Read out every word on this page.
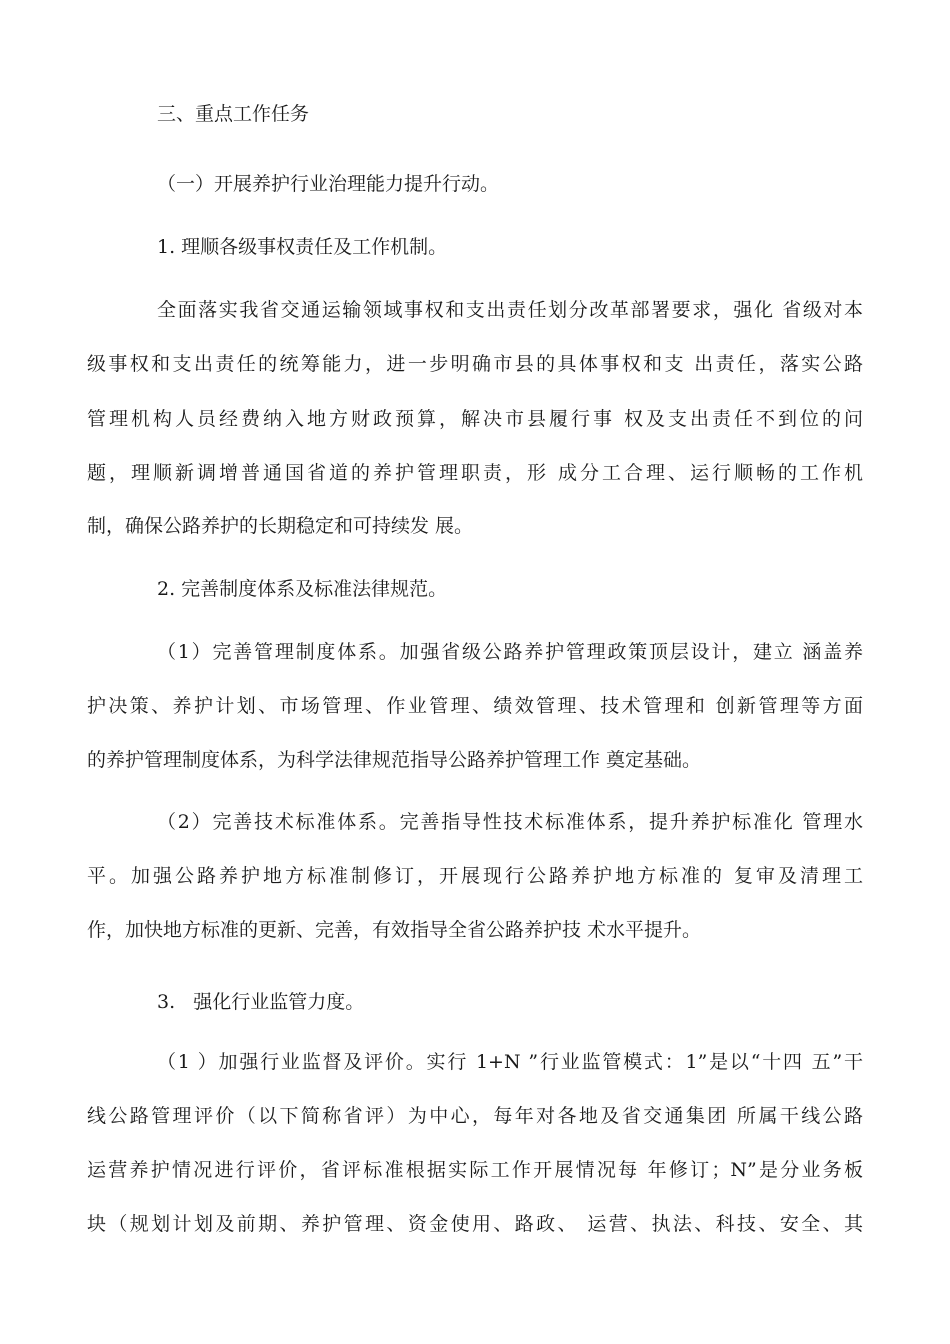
三、重点工作任务
（一）开展养护行业治理能力提升行动。
1. 理顺各级事权责任及工作机制。
全面落实我省交通运输领域事权和支出责任划分改革部署要求，强化 省级对本
级事权和支出责任的统筹能力，进一步明确市县的具体事权和支 出责任，落实公路
管理机构人员经费纳入地方财政预算，解决市县履行事 权及支出责任不到位的问
题，理顺新调增普通国省道的养护管理职责，形 成分工合理、运行顺畅的工作机
制，确保公路养护的长期稳定和可持续发 展。
2. 完善制度体系及标准法律规范。
（1）完善管理制度体系。加强省级公路养护管理政策顶层设计，建立 涵盖养
护决策、养护计划、市场管理、作业管理、绩效管理、技术管理和 创新管理等方面
的养护管理制度体系，为科学法律规范指导公路养护管理工作 奠定基础。
（2）完善技术标准体系。完善指导性技术标准体系，提升养护标准化 管理水
平。加强公路养护地方标准制修订，开展现行公路养护地方标准的 复审及清理工
作，加快地方标准的更新、完善，有效指导全省公路养护技 术水平提升。
3.   强化行业监管力度。
（1 ）加强行业监督及评价。实行 1+N ”行业监管模式：1”是以“十四 五”干
线公路管理评价（以下简称省评）为中心，每年对各地及省交通集团 所属干线公路
运营养护情况进行评价，省评标准根据实际工作开展情况每 年修订；N”是分业务板
块（规划计划及前期、养护管理、资金使用、路政、 运营、执法、科技、安全、其
